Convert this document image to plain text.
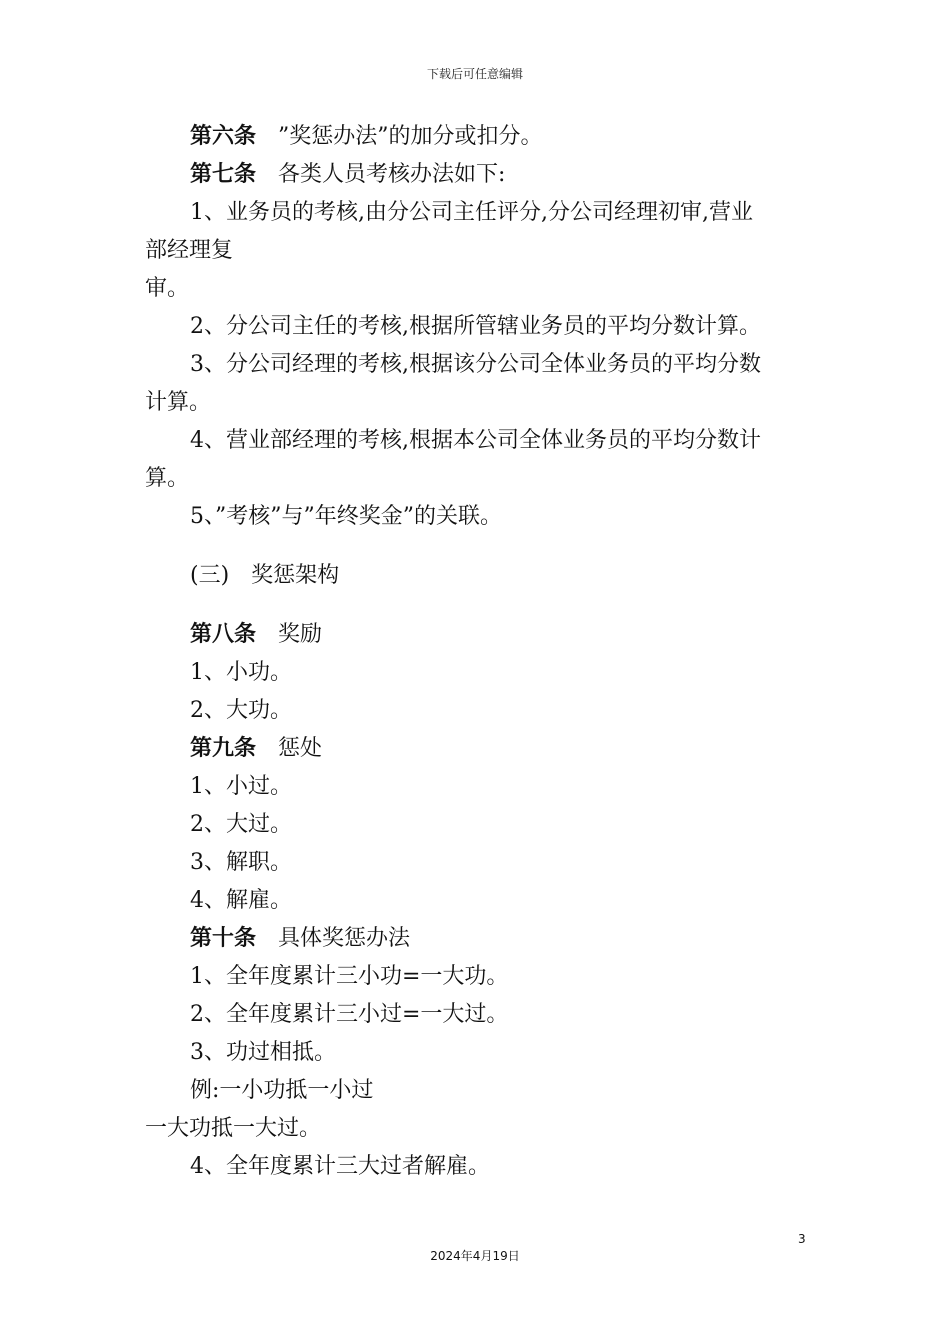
下载后可任意编辑

第六条　”奖惩办法”的加分或扣分。

第七条　各类人员考核办法如下:

1、业务员的考核,由分公司主任评分,分公司经理初审,营业

部经理复

审。

2、分公司主任的考核,根据所管辖业务员的平均分数计算。

3、分公司经理的考核,根据该分公司全体业务员的平均分数

计算。

4、营业部经理的考核,根据本公司全体业务员的平均分数计

算。

5、”考核”与”年终奖金”的关联。

(三)　奖惩架构

第八条　奖励

1、小功。

2、大功。

第九条　惩处

1、小过。

2、大过。

3、解职。

4、解雇。

第十条　具体奖惩办法

1、全年度累计三小功=一大功。

2、全年度累计三小过=一大过。

3、功过相抵。

例:一小功抵一小过

一大功抵一大过。

4、全年度累计三大过者解雇。

3
2024年4月19日
